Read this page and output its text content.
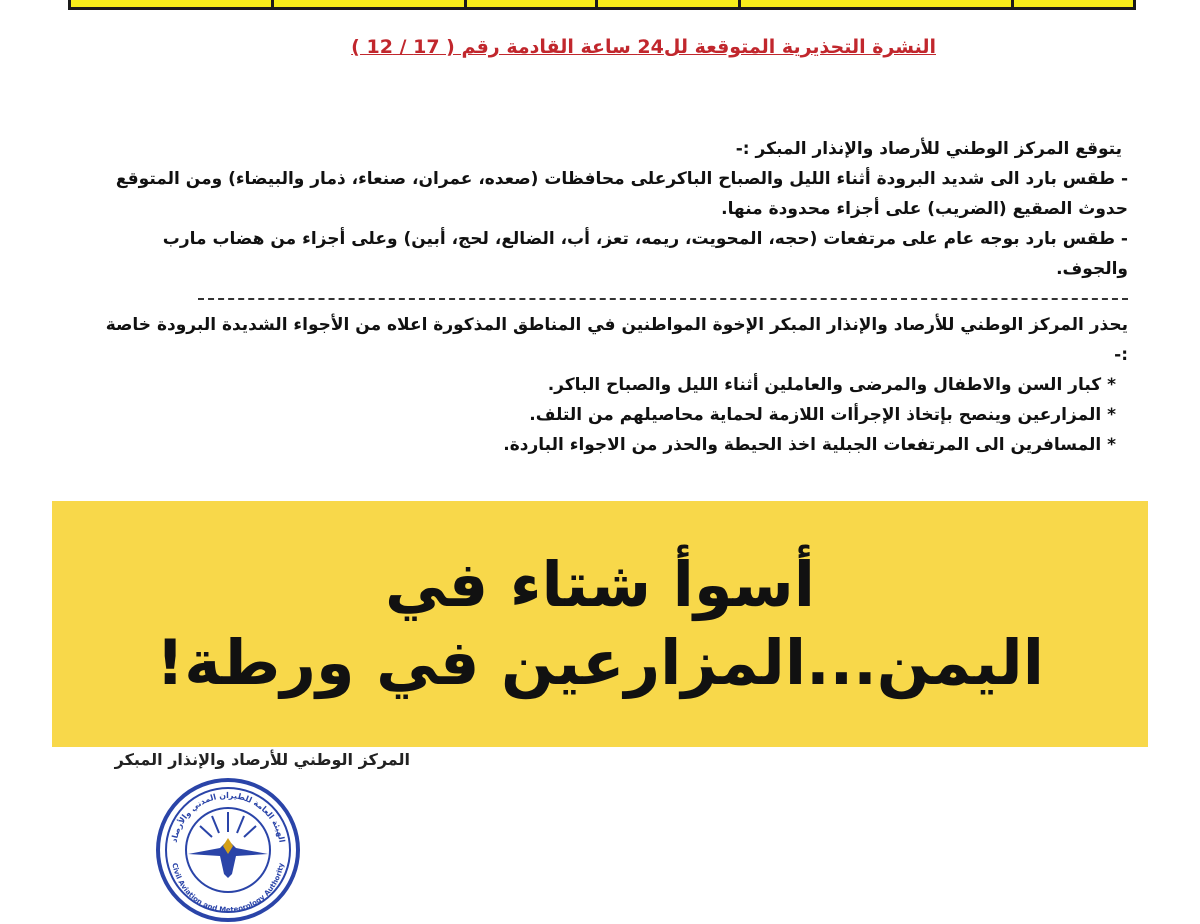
النشرة التحذيرية المتوقعة لل24 ساعة القادمة رقم ( 17 / 12 )

يتوقع المركز الوطني للأرصاد والإنذار المبكر :-

- طقس بارد الى شديد البرودة أثناء الليل والصباح الباكرعلى محافظات (صعده، عمران، صنعاء، ذمار والبيضاء) ومن المتوقع

حدوث الصقيع (الضريب) على أجزاء محدودة منها.

- طقس بارد بوجه عام على مرتفعات (حجه، المحويت، ريمه، تعز، أب، الضالع، لحج، أبين) وعلى أجزاء من هضاب مارب

والجوف.

يحذر المركز الوطني للأرصاد والإنذار المبكر الإخوة المواطنين في المناطق المذكورة اعلاه من الأجواء الشديدة البرودة خاصة

:-

* كبار السن والاطفال والمرضى والعاملين أثناء الليل والصباح الباكر.

* المزارعين وينصح بإتخاذ الإجرأات اللازمة لحماية محاصيلهم من التلف.

* المسافرين الى المرتفعات الجبلية اخذ الحيطة والحذر من الاجواء الباردة.

أسوأ شتاء في
اليمن...المزارعين في ورطة!
المركز الوطني للأرصاد والإنذار المبكر
الهيئة العامة للطيران المدني والأرصاد
Civil Aviation and Meteorology Authority
